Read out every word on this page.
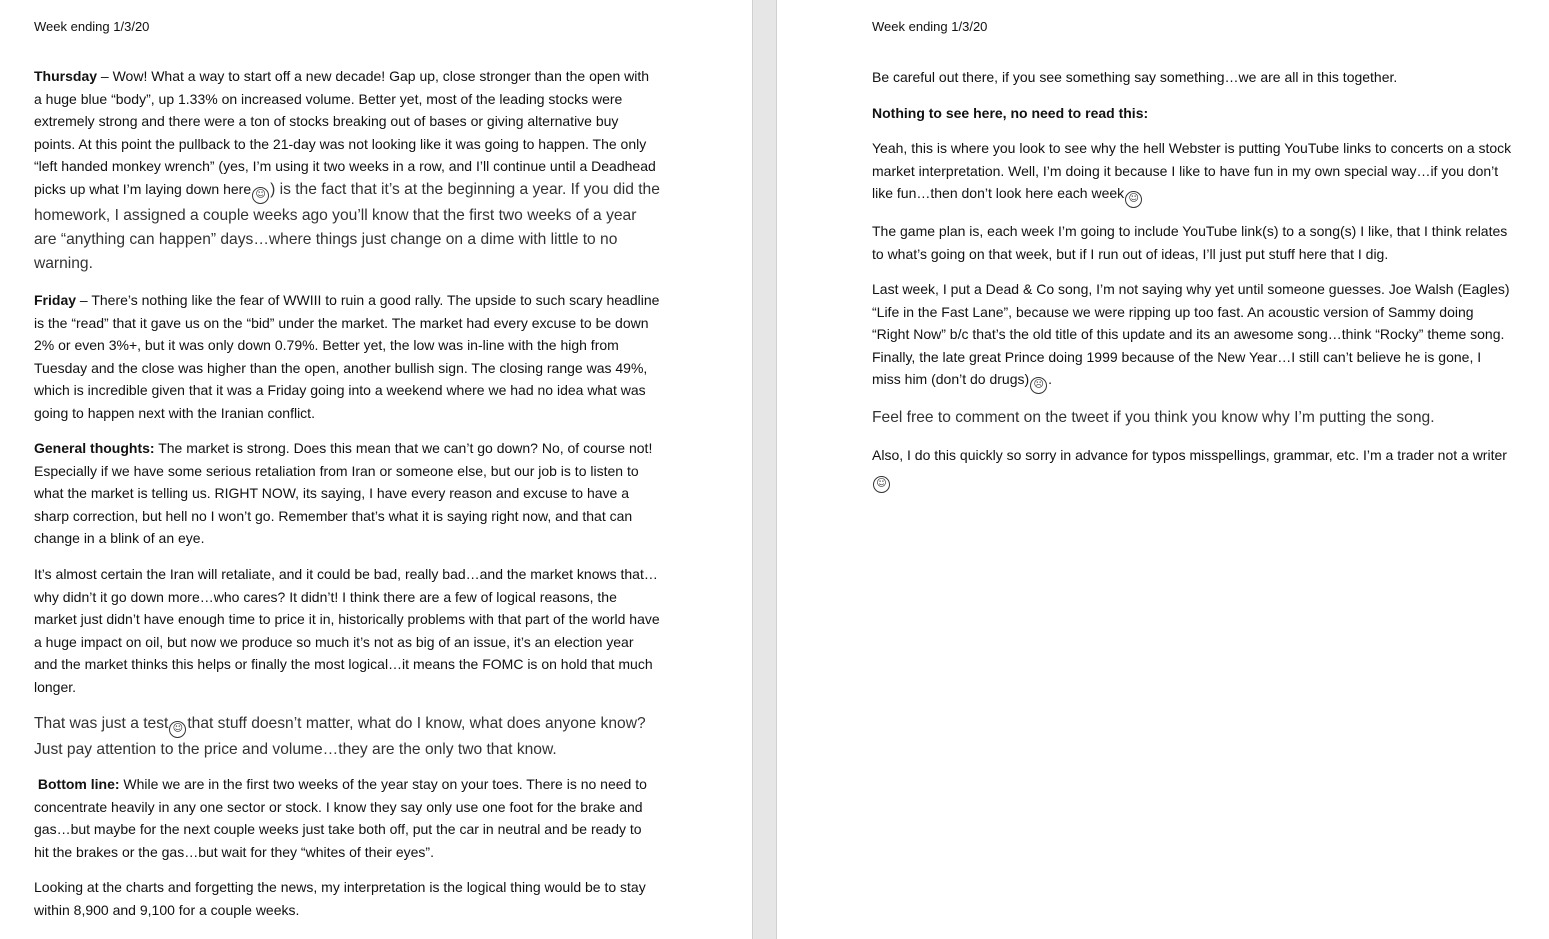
Week ending 1/3/20
Thursday – Wow! What a way to start off a new decade! Gap up, close stronger than the open with a huge blue “body”, up 1.33% on increased volume. Better yet, most of the leading stocks were extremely strong and there were a ton of stocks breaking out of bases or giving alternative buy points. At this point the pullback to the 21-day was not looking like it was going to happen. The only “left handed monkey wrench” (yes, I’m using it two weeks in a row, and I’ll continue until a Deadhead picks up what I’m laying down here ☺ ) is the fact that it’s at the beginning a year. If you did the homework, I assigned a couple weeks ago you’ll know that the first two weeks of a year are “anything can happen” days…where things just change on a dime with little to no warning.
Friday – There’s nothing like the fear of WWIII to ruin a good rally. The upside to such scary headline is the “read” that it gave us on the “bid” under the market. The market had every excuse to be down 2% or even 3%+, but it was only down 0.79%. Better yet, the low was in-line with the high from Tuesday and the close was higher than the open, another bullish sign. The closing range was 49%, which is incredible given that it was a Friday going into a weekend where we had no idea what was going to happen next with the Iranian conflict.
General thoughts: The market is strong. Does this mean that we can’t go down? No, of course not! Especially if we have some serious retaliation from Iran or someone else, but our job is to listen to what the market is telling us. RIGHT NOW, its saying, I have every reason and excuse to have a sharp correction, but hell no I won’t go. Remember that’s what it is saying right now, and that can change in a blink of an eye.
It’s almost certain the Iran will retaliate, and it could be bad, really bad…and the market knows that…why didn’t it go down more…who cares? It didn’t! I think there are a few of logical reasons, the market just didn’t have enough time to price it in, historically problems with that part of the world have a huge impact on oil, but now we produce so much it’s not as big of an issue, it’s an election year and the market thinks this helps or finally the most logical…it means the FOMC is on hold that much longer.
That was just a test ☺ that stuff doesn’t matter, what do I know, what does anyone know? Just pay attention to the price and volume…they are the only two that know.
Bottom line: While we are in the first two weeks of the year stay on your toes. There is no need to concentrate heavily in any one sector or stock. I know they say only use one foot for the brake and gas…but maybe for the next couple weeks just take both off, put the car in neutral and be ready to hit the brakes or the gas…but wait for they “whites of their eyes”.
Looking at the charts and forgetting the news, my interpretation is the logical thing would be to stay within 8,900 and 9,100 for a couple weeks.
Week ending 1/3/20
Be careful out there, if you see something say something…we are all in this together.
Nothing to see here, no need to read this:
Yeah, this is where you look to see why the hell Webster is putting YouTube links to concerts on a stock market interpretation. Well, I’m doing it because I like to have fun in my own special way…if you don’t like fun…then don’t look here each week ☺
The game plan is, each week I’m going to include YouTube link(s) to a song(s) I like, that I think relates to what’s going on that week, but if I run out of ideas, I’ll just put stuff here that I dig.
Last week, I put a Dead & Co song, I’m not saying why yet until someone guesses. Joe Walsh (Eagles) “Life in the Fast Lane”, because we were ripping up too fast. An acoustic version of Sammy doing “Right Now” b/c that’s the old title of this update and its an awesome song…think “Rocky” theme song. Finally, the late great Prince doing 1999 because of the New Year…I still can’t believe he is gone, I miss him (don’t do drugs) ☹ .
Feel free to comment on the tweet if you think you know why I’m putting the song.
Also, I do this quickly so sorry in advance for typos misspellings, grammar, etc. I’m a trader not a writer☺
